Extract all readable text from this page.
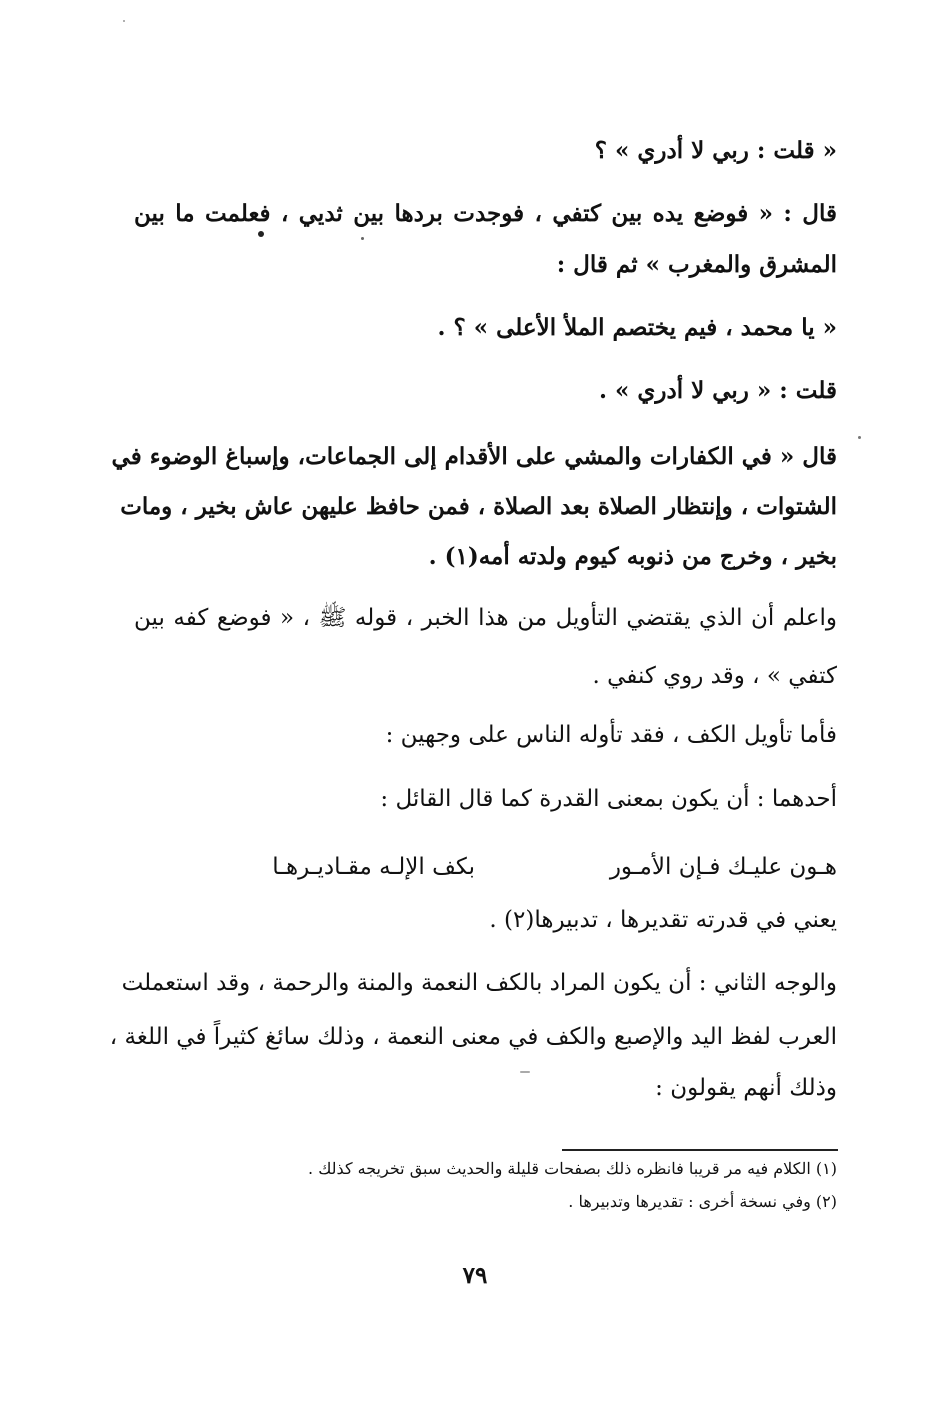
« قلت : ربي لا أدري » ؟

قال : « فوضع يده بين كتفي ، فوجدت بردها بين ثديي ، فعلمت ما بين

المشرق والمغرب » ثم قال :

« يا محمد ، فيم يختصم الملأ الأعلى » ؟ .

قلت : « ربي لا أدري » .

قال « في الكفارات والمشي على الأقدام إلى الجماعات، وإسباغ الوضوء في

الشتوات ، وإنتظار الصلاة بعد الصلاة ، فمن حافظ عليهن عاش بخير ، ومات

بخير ، وخرج من ذنوبه كيوم ولدته أمه(١) .

واعلم أن الذي يقتضي التأويل من هذا الخبر ، قوله ﷺ ، « فوضع كفه بين

كتفي » ، وقد روي كنفي .

فأما تأويل الكف ، فقد تأوله الناس على وجهين :

أحدهما : أن يكون بمعنى القدرة كما قال القائل :

هـون عليـك فـإن الأمـور
بكف الإلـه مقـاديـرهـا

يعني في قدرته تقديرها ، تدبيرها(٢) .

والوجه الثاني : أن يكون المراد بالكف النعمة والمنة والرحمة ، وقد استعملت

العرب لفظ اليد والإصبع والكف في معنى النعمة ، وذلك سائغ كثيراً في اللغة ،

وذلك أنهم يقولون :

(١) الكلام فيه مر قريبا فانظره ذلك بصفحات قليلة والحديث سبق تخريجه كذلك .

(٢) وفي نسخة أخرى : تقديرها وتدبيرها .

٧٩
